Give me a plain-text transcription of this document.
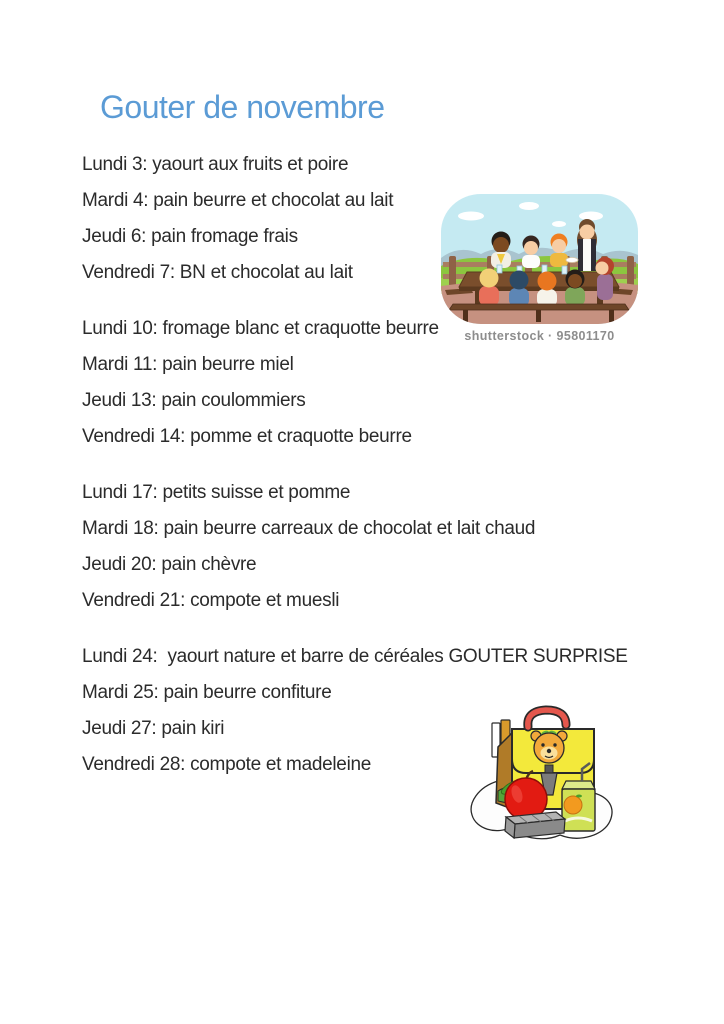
Gouter de novembre

Lundi 3: yaourt aux fruits et poire

Mardi 4: pain beurre et chocolat au lait

Jeudi 6: pain fromage frais

Vendredi 7: BN et chocolat au lait

Lundi 10: fromage blanc et craquotte beurre

Mardi 11: pain beurre miel

Jeudi 13: pain coulommiers

Vendredi 14: pomme et craquotte beurre

Lundi 17: petits suisse et pomme

Mardi 18: pain beurre carreaux de chocolat et lait chaud

Jeudi 20: pain chèvre

Vendredi 21: compote et muesli

Lundi 24:  yaourt nature et barre de céréales GOUTER SURPRISE

Mardi 25: pain beurre confiture

Jeudi 27: pain kiri

Vendredi 28: compote et madeleine

shutterstock · 95801170
